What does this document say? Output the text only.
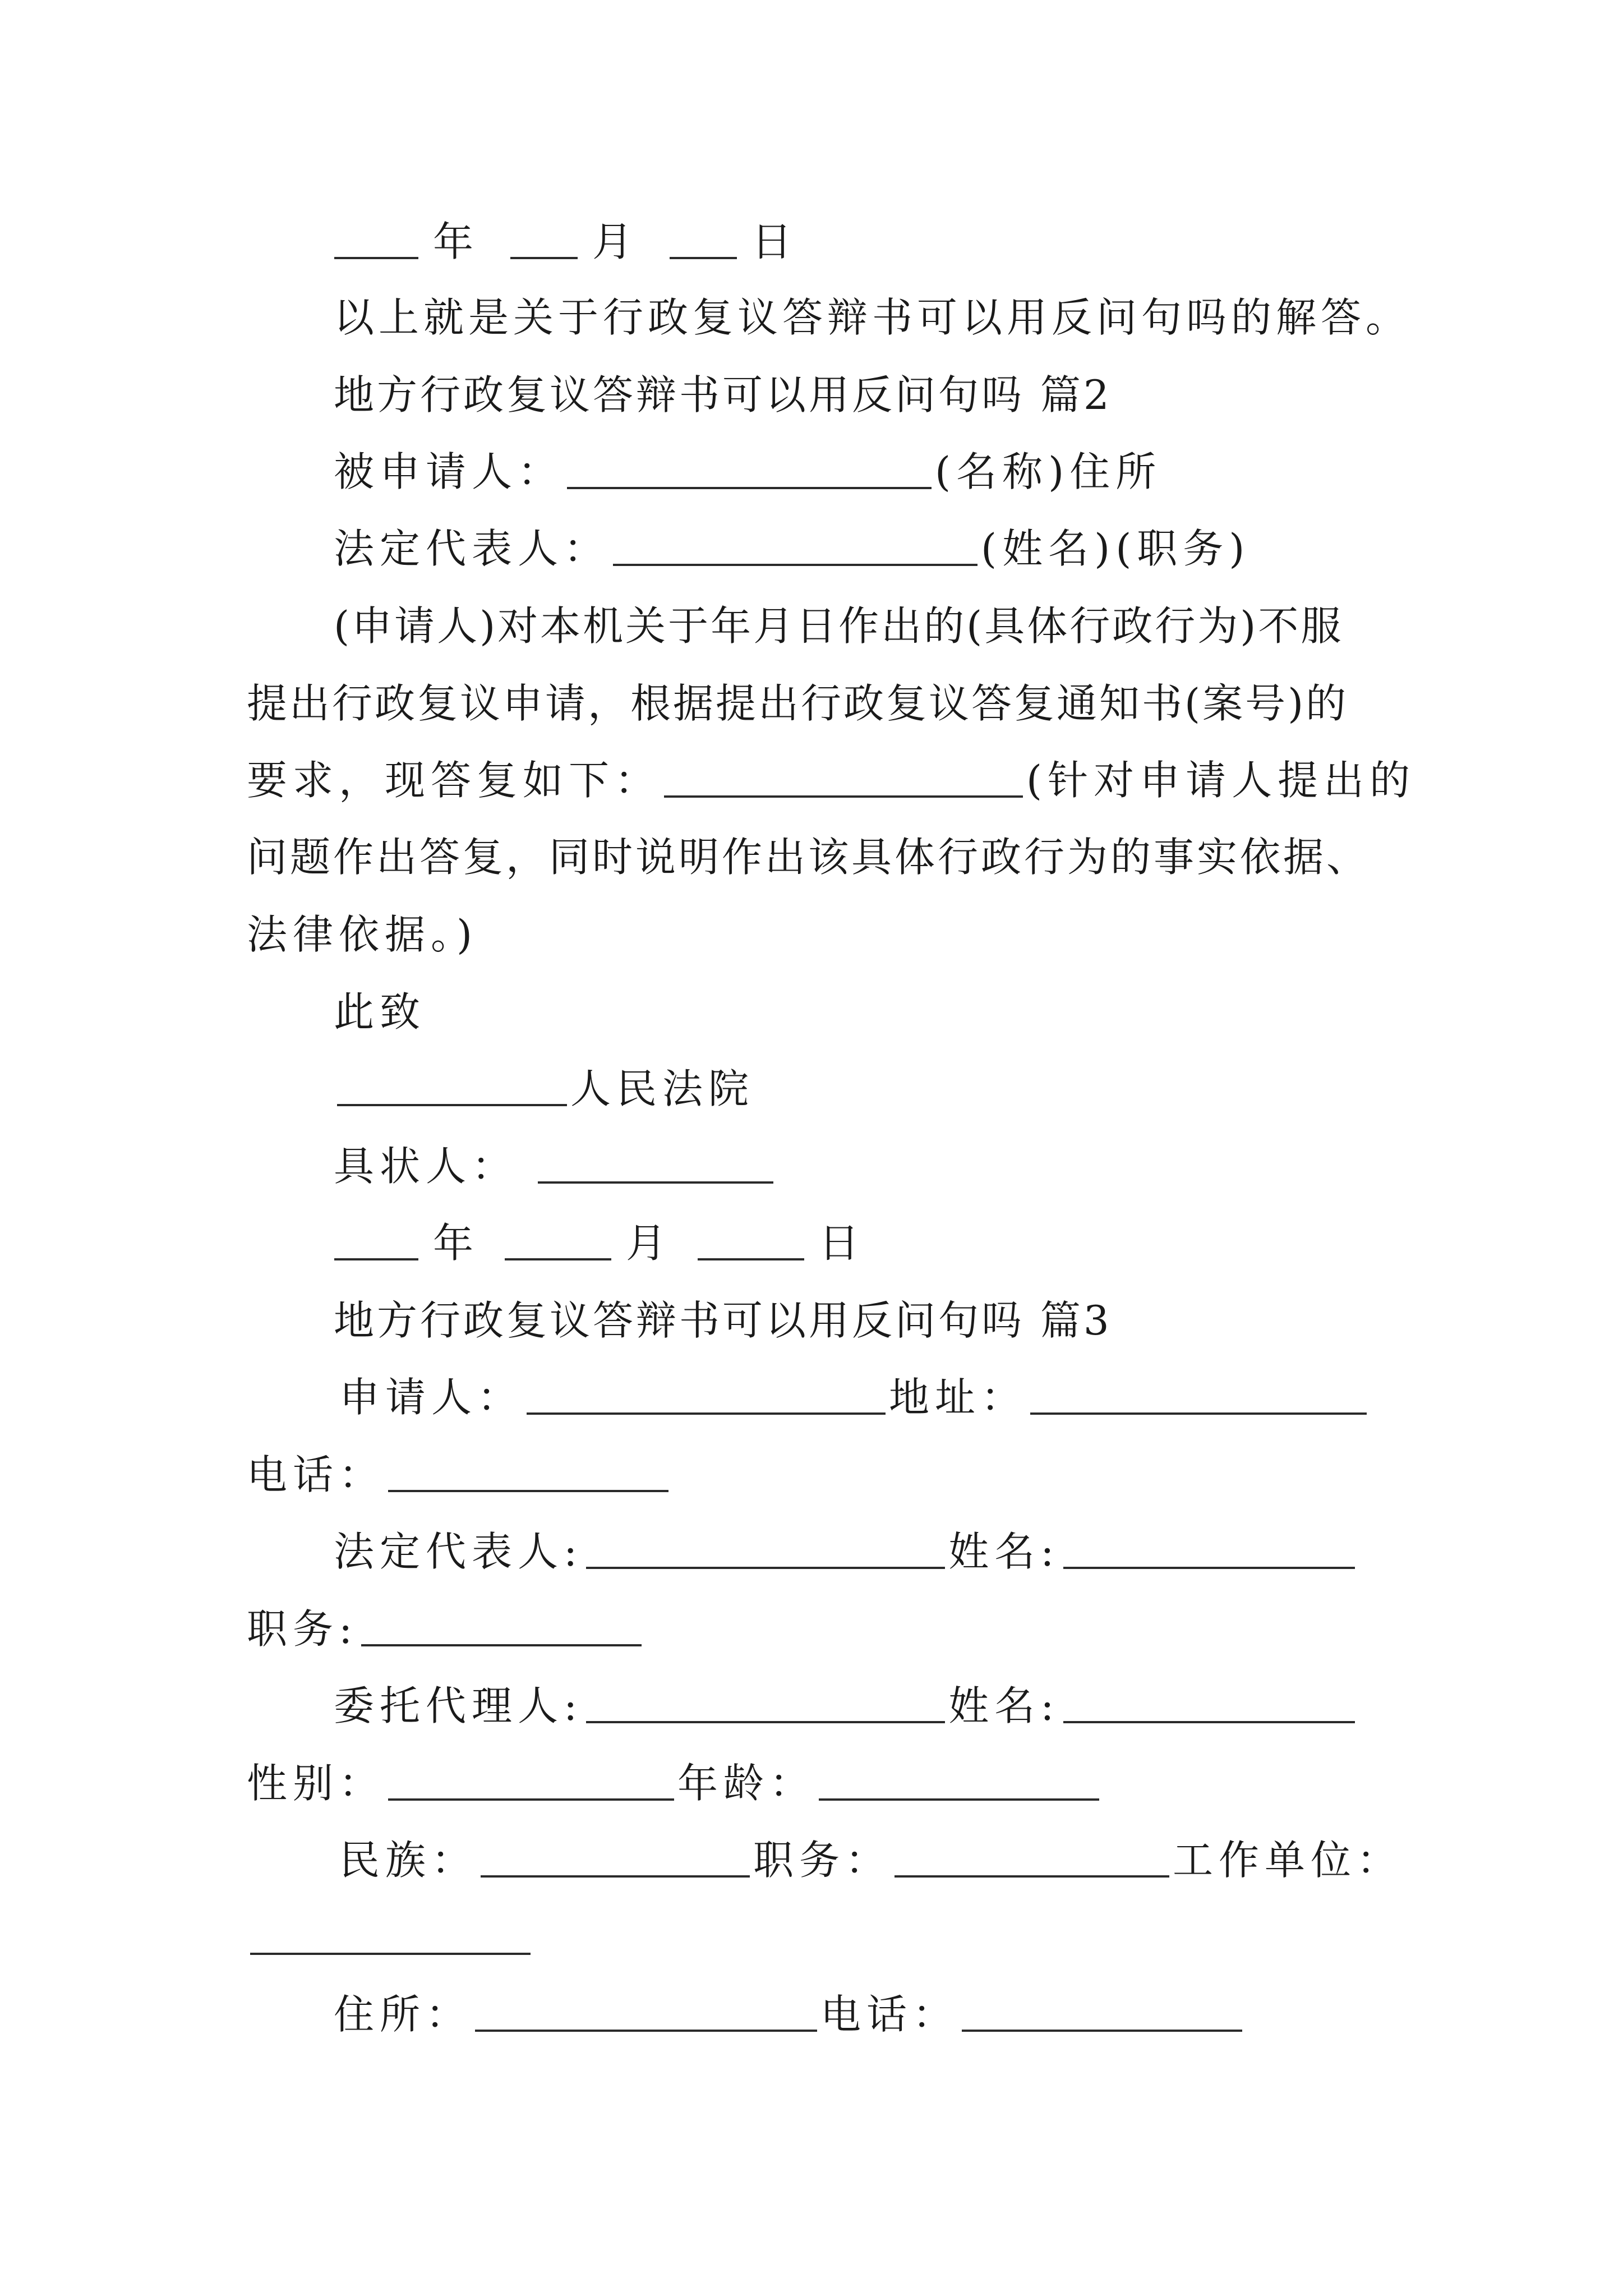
年	月	日
以上就是关于行政复议答辩书可以用反问句吗的解答。
地方行政复议答辩书可以用反问句吗 篇2
被申请人：	(名称)住所
法定代表人：	(姓名)(职务)
(申请人)对本机关于年月日作出的(具体行政行为)不服
提出行政复议申请，根据提出行政复议答复通知书(案号)的
要求，现答复如下：	(针对申请人提出的
问题作出答复，同时说明作出该具体行政行为的事实依据、
法律依据。)
此致
人民法院
具状人：
年	月	日
地方行政复议答辩书可以用反问句吗 篇3
申请人：	地址：
电话：
法定代表人:	姓名:
职务:
委托代理人:	姓名:
性别：	年龄：
民族：	职务：	工作单位：
住所：	电话：
